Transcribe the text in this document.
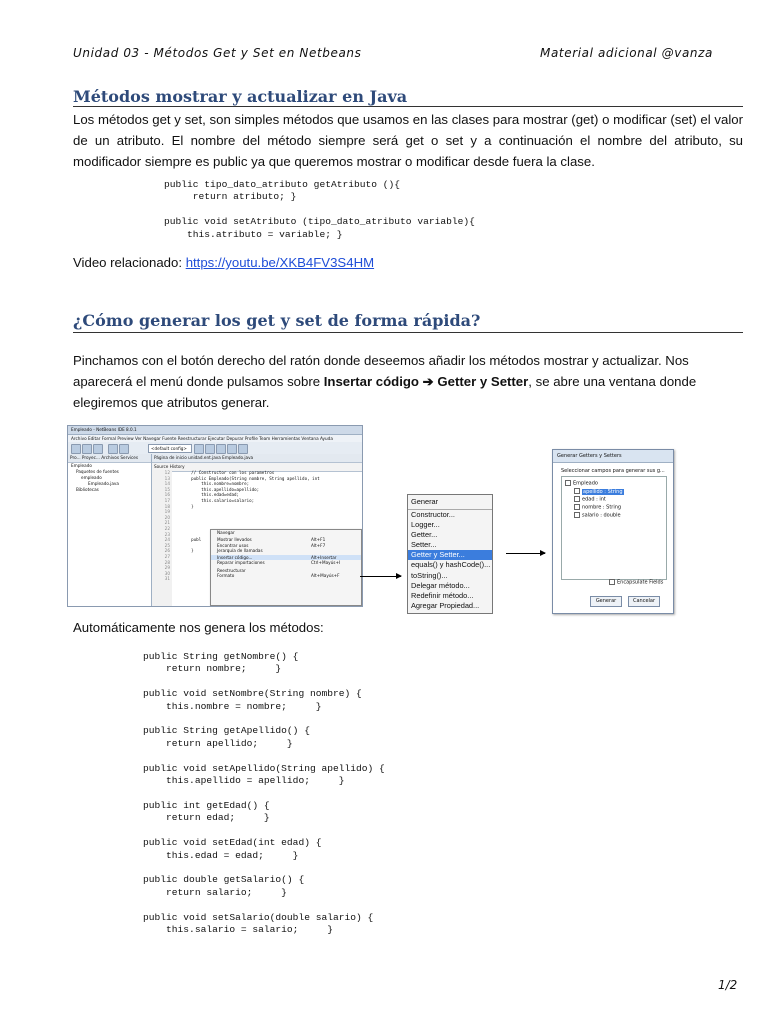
Unidad 03 - Métodos Get y Set en Netbeans	Material adicional @vanza
Métodos mostrar y actualizar en Java

Los métodos get y set, son simples métodos que usamos en las clases para mostrar (get) o modificar (set) el valor de un atributo. El nombre del método siempre será get o set y a continuación el nombre del atributo, su modificador siempre es public ya que queremos mostrar o modificar desde fuera la clase.

public tipo_dato_atributo getAtributo (){
return atributo; }

public void setAtributo (tipo_dato_atributo variable){
this.atributo = variable; }
Video relacionado: https://youtu.be/XKB4FV3S4HM
¿Cómo generar los get y set de forma rápida?

Pinchamos con el botón derecho del ratón donde deseemos añadir los métodos mostrar y actualizar. Nos

aparecerá el menú donde pulsamos sobre Insertar código ➔ Getter y Setter, se abre una ventana donde

elegiremos que atributos generar.

Empleado - NetBeans IDE 8.0.1
Archivo Editar Formal Preview Ver Navegar Fuente Reestructurar Ejecutar Depurar Profile Team Herramientas Ventana Ayuda
<default config>
Pro... Proyec... Archivos Services
Empleado
Paquetes de fuentes
empleado
Empleado.java
Bibliotecas
Página de inicio unidad.ent.java Empleado.java
Source History
12
13
14
15
16
17
18
19
20
21
22
23
24
25
26
27
28
29
30
31
// Constructor con los parametros
public Empleado(String nombre, String apellido, int
this.nombre=nombre;
this.apellido=apellido;
this.edad=edad;
this.salario=salario;
}

publ

}

Navegar
Mostrar llevados	Alt+F1
Encontrar usos	Alt+F7
Jerarquía de llamadas
Insertar código...	Alt+Insertar
Reparar importaciones	Ctrl+Mayús+I
Reestructurar
Formato	Alt+Mayús+F
Generar
Constructor...
Logger...
Getter...
Setter...
Getter y Setter...
equals() y hashCode()...
toString()...
Delegar método...
Redefinir método...
Agregar Propiedad...
Generar Getters y Setters
Seleccionar campos para generar sus g...
Empleado
apellido : String
edad : int
nombre : String
salario : double
Encapsulate Fields
Generar	Cancelar
Automáticamente nos genera los métodos:
public String getNombre() {
return nombre;     }

public void setNombre(String nombre) {
this.nombre = nombre;     }

public String getApellido() {
return apellido;     }

public void setApellido(String apellido) {
this.apellido = apellido;     }

public int getEdad() {
return edad;     }

public void setEdad(int edad) {
this.edad = edad;     }

public double getSalario() {
return salario;     }

public void setSalario(double salario) {
this.salario = salario;     }
1/2
